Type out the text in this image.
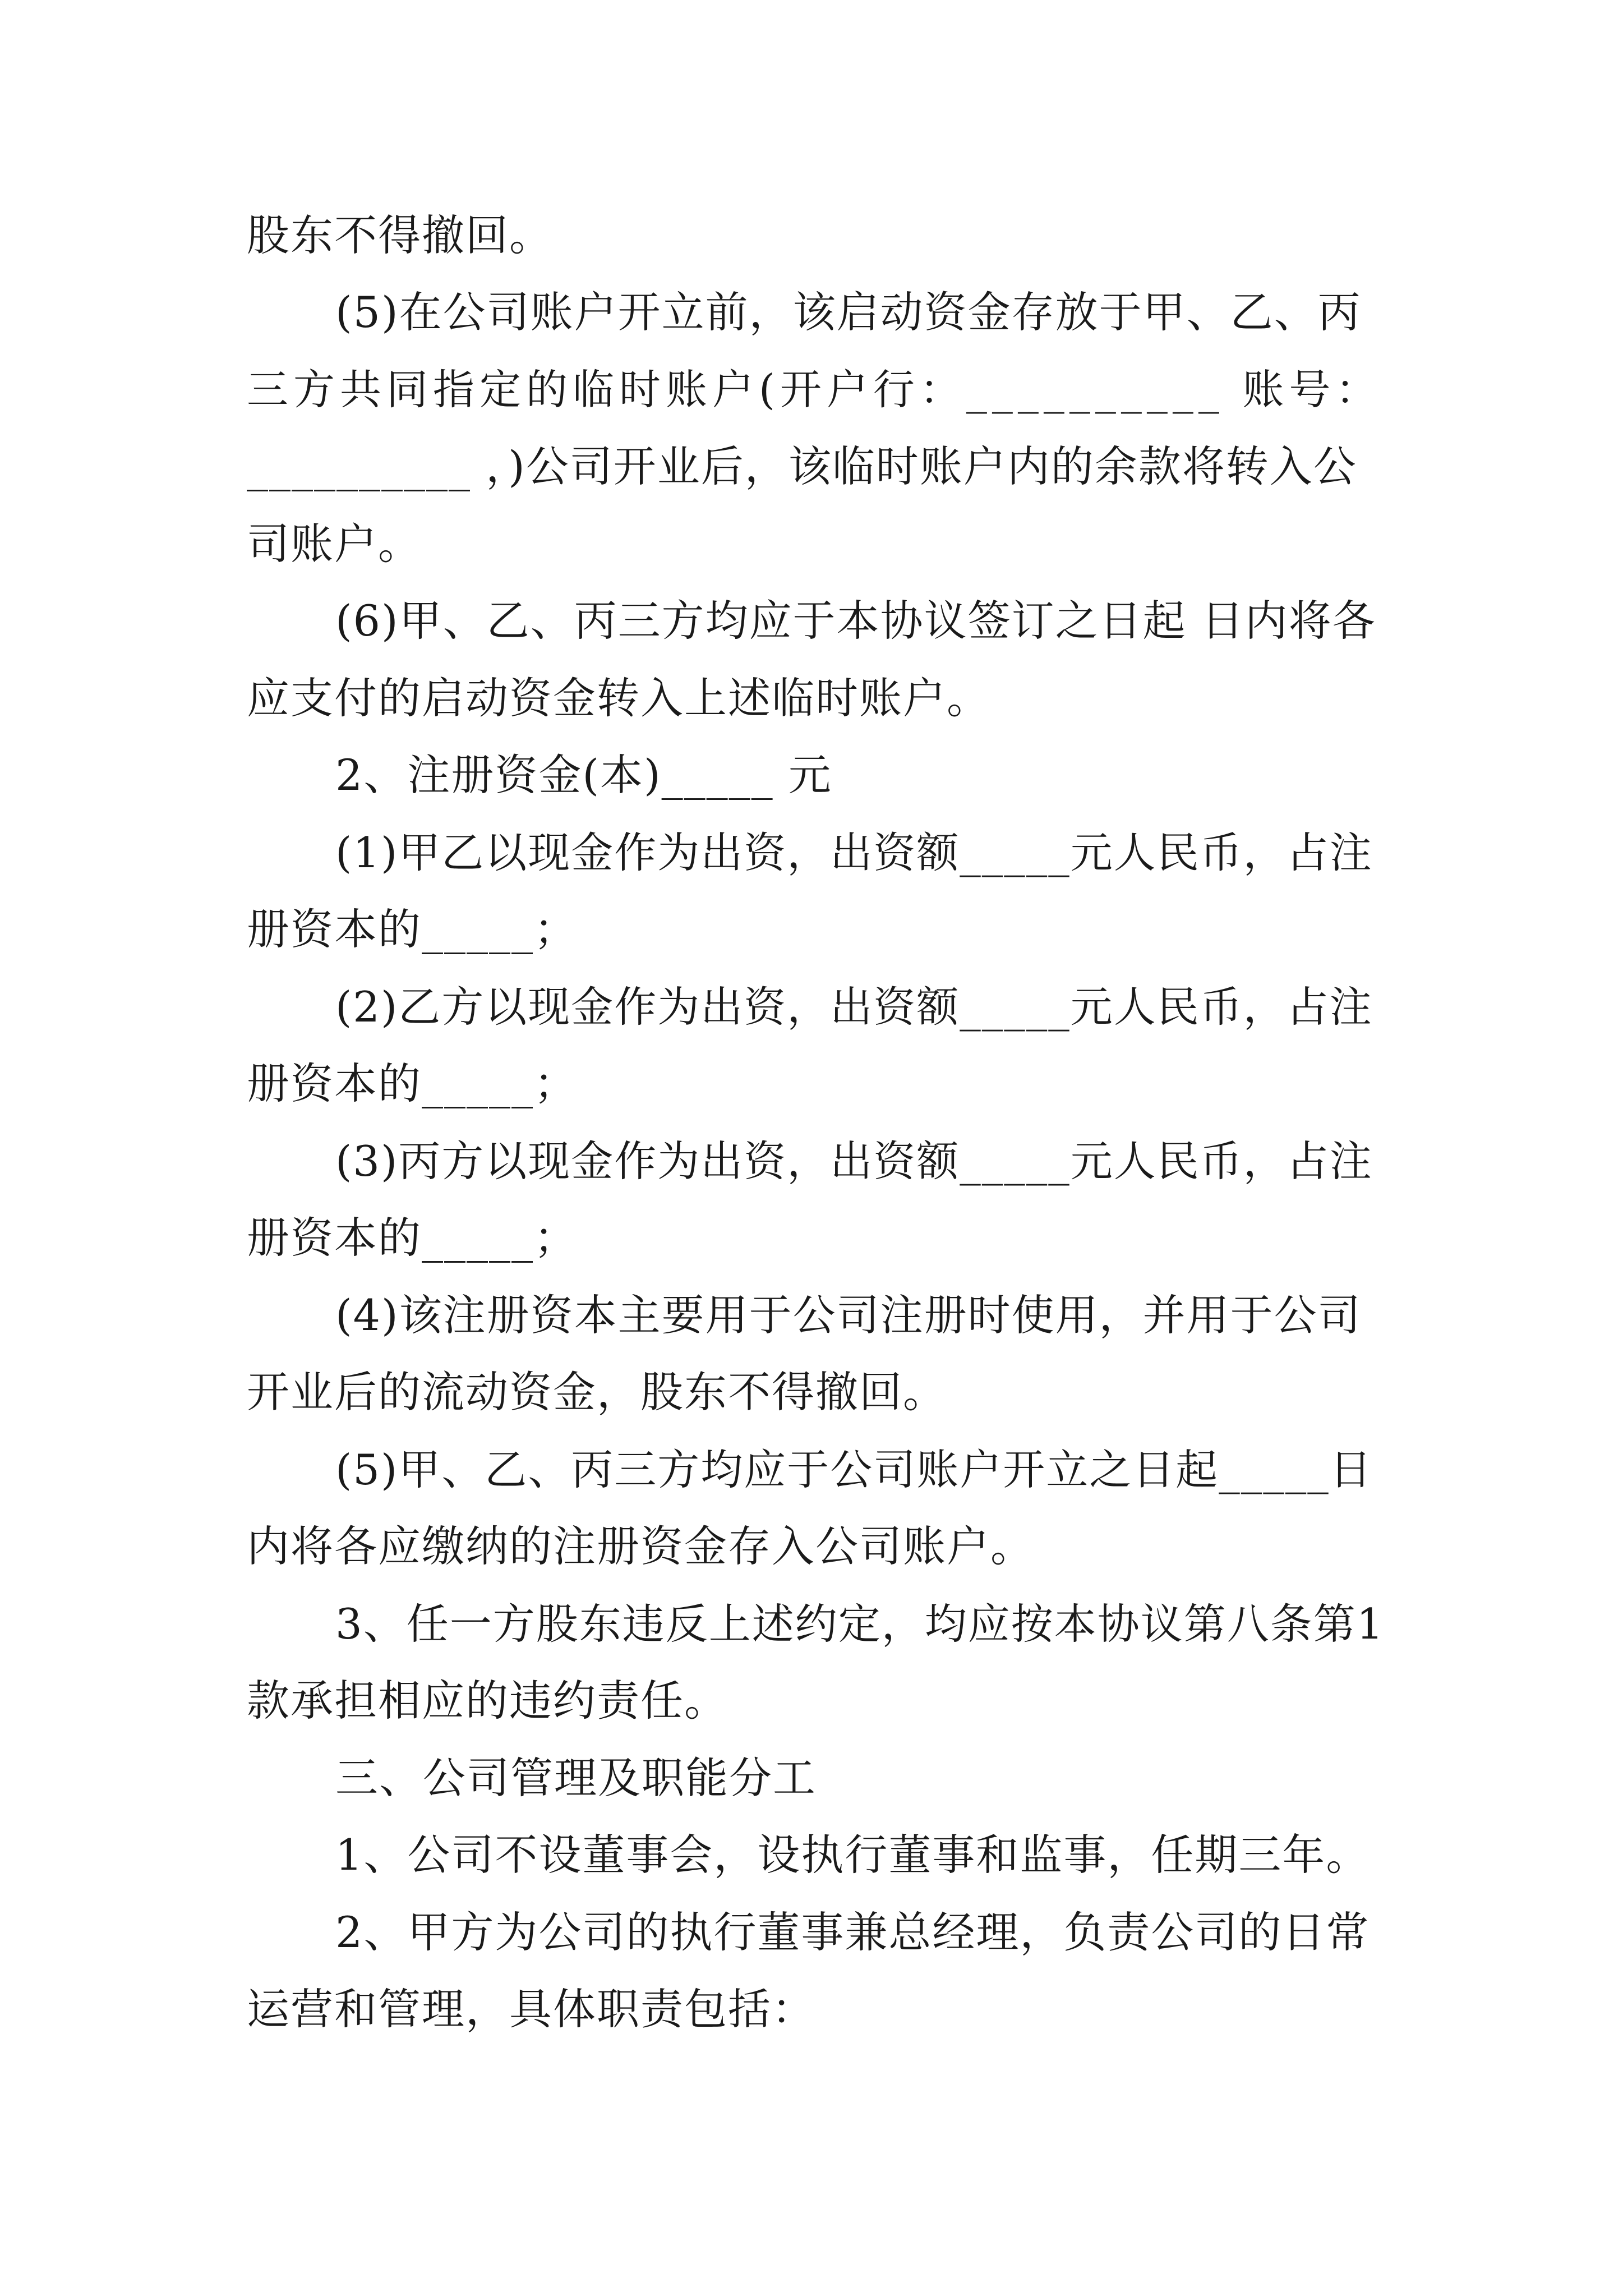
股东不得撤回。
(5)在公司账户开立前，该启动资金存放于甲、乙、丙
三方共同指定的临时账户(开户行：__________ 账号：
__________ ，)公司开业后，该临时账户内的余款将转入公
司账户。
(6)甲、乙、丙三方均应于本协议签订之日起 日内将各
应支付的启动资金转入上述临时账户。
2、注册资金(本)_____ 元
(1)甲乙以现金作为出资，出资额_____元人民币，占注
册资本的_____；
(2)乙方以现金作为出资，出资额_____元人民币，占注
册资本的_____；
(3)丙方以现金作为出资，出资额_____元人民币，占注
册资本的_____；
(4)该注册资本主要用于公司注册时使用，并用于公司
开业后的流动资金，股东不得撤回。
(5)甲、乙、丙三方均应于公司账户开立之日起_____日
内将各应缴纳的注册资金存入公司账户。
3、任一方股东违反上述约定，均应按本协议第八条第1
款承担相应的违约责任。
三、公司管理及职能分工
1、公司不设董事会，设执行董事和监事，任期三年。
2、甲方为公司的执行董事兼总经理，负责公司的日常
运营和管理，具体职责包括：
